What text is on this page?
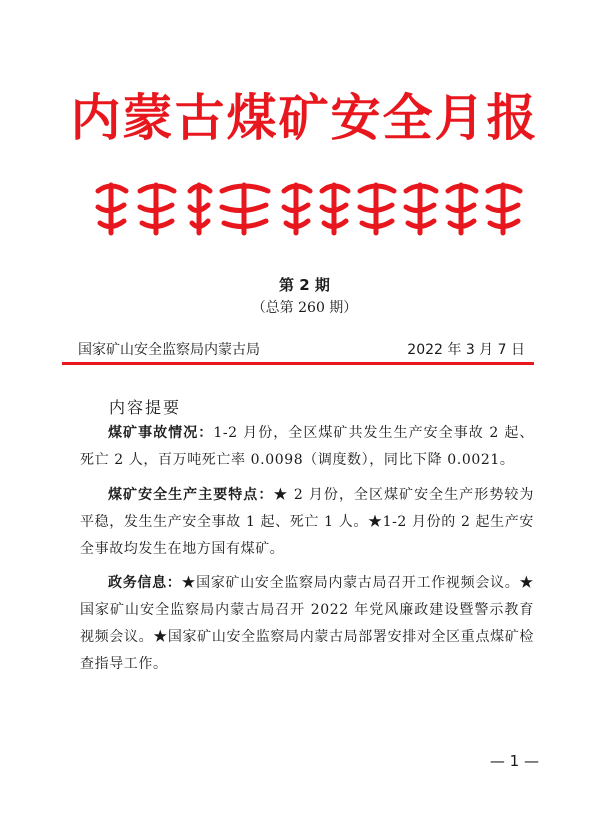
内蒙古煤矿安全月报
第 2 期
（总第 260 期）
国家矿山安全监察局内蒙古局	2022 年 3 月 7 日
内容提要
煤矿事故情况：1-2 月份，全区煤矿共发生生产安全事故 2 起、死亡 2 人，百万吨死亡率 0.0098（调度数），同比下降 0.0021。
煤矿安全生产主要特点：★ 2 月份，全区煤矿安全生产形势较为平稳，发生生产安全事故 1 起、死亡 1 人。★1-2 月份的 2 起生产安全事故均发生在地方国有煤矿。
政务信息：★国家矿山安全监察局内蒙古局召开工作视频会议。★国家矿山安全监察局内蒙古局召开 2022 年党风廉政建设暨警示教育视频会议。★国家矿山安全监察局内蒙古局部署安排对全区重点煤矿检查指导工作。
— 1 —
